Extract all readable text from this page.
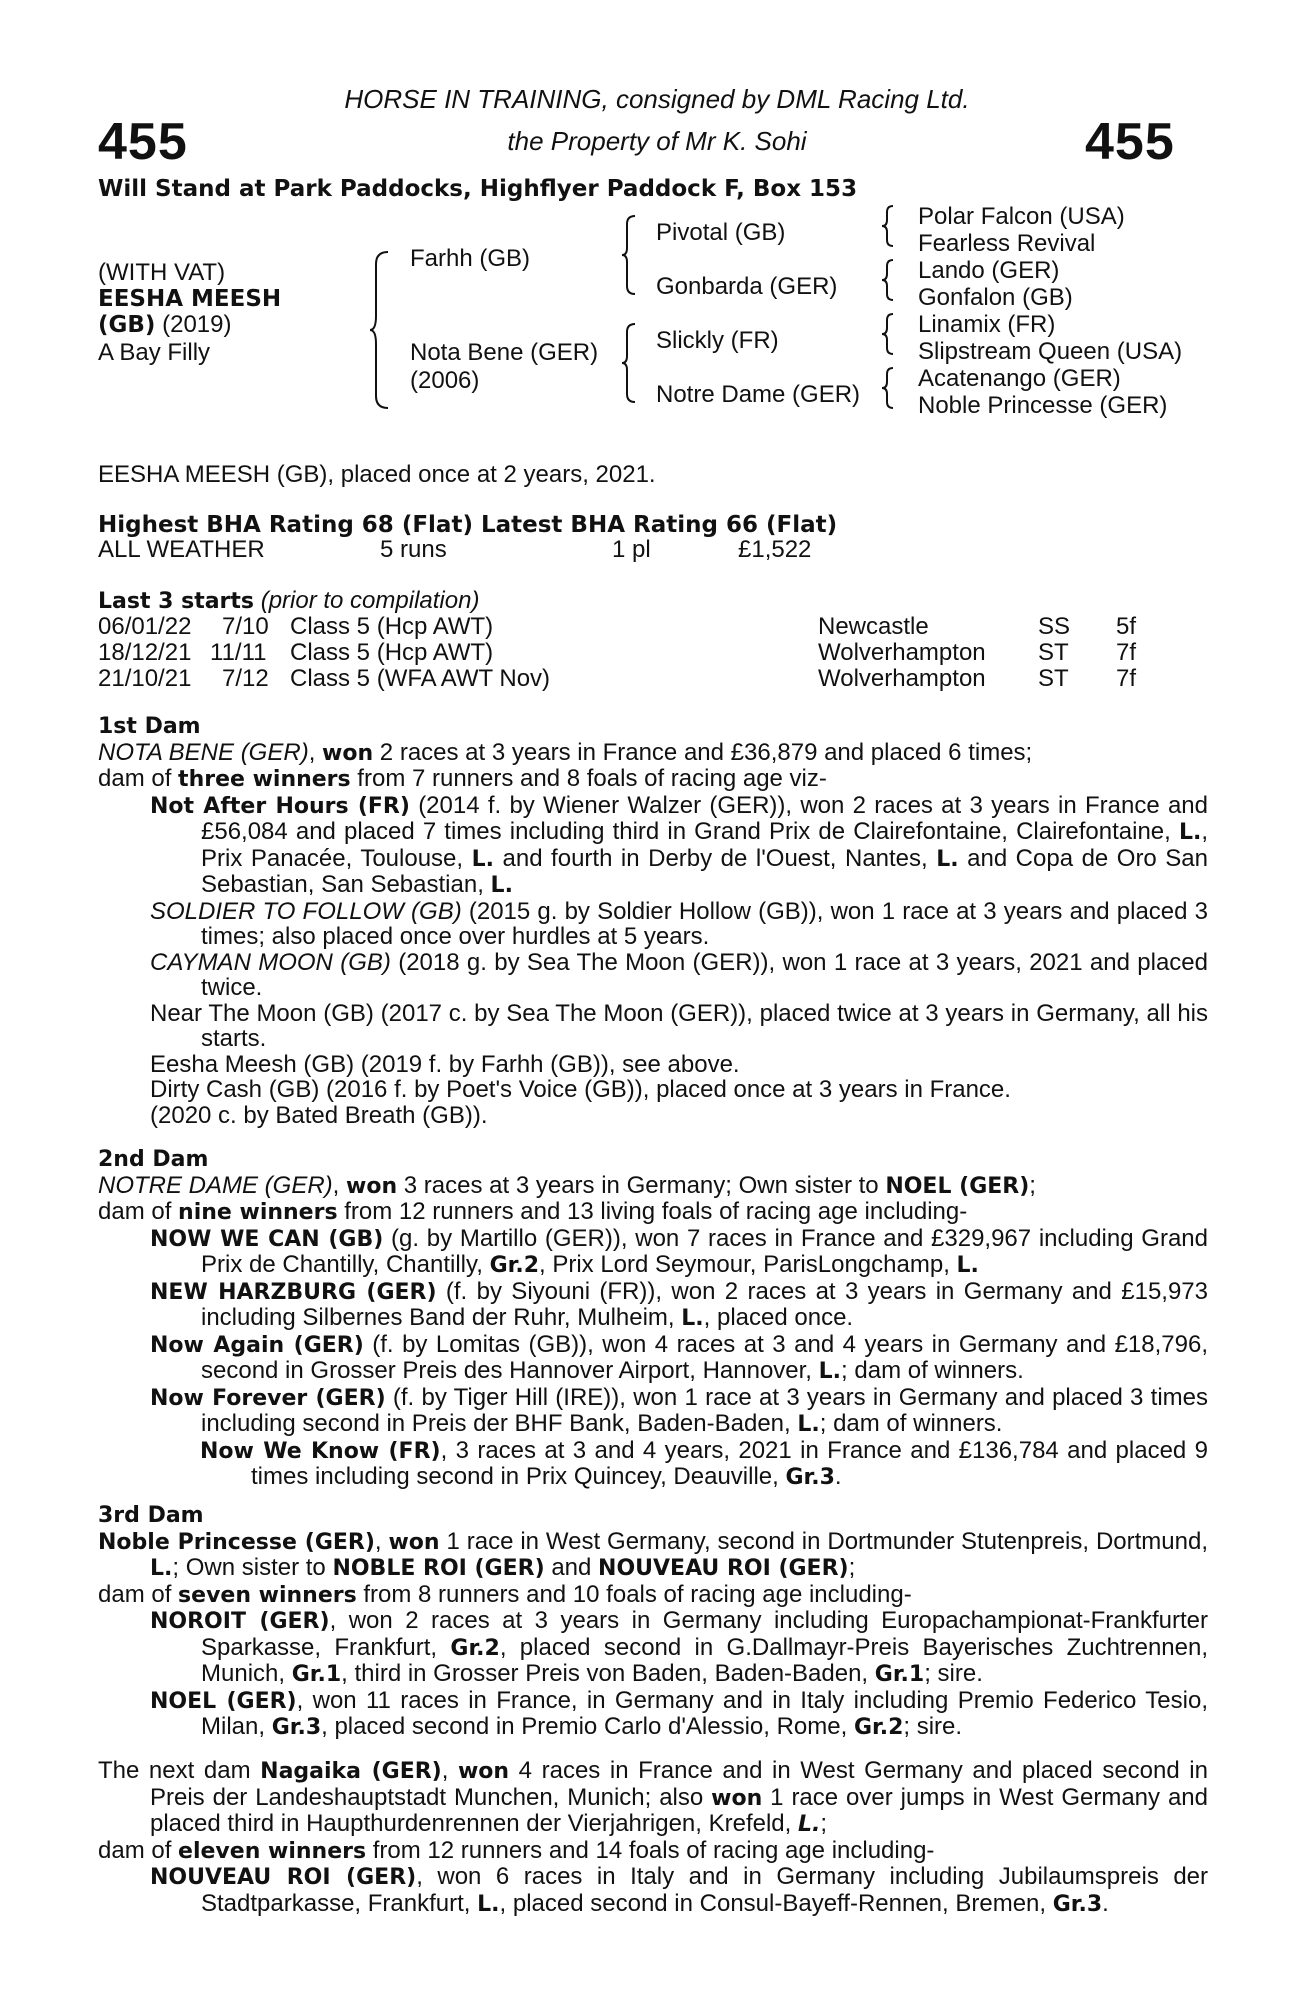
455	455
HORSE IN TRAINING, consigned by DML Racing Ltd.
the Property of Mr K. Sohi
Will Stand at Park Paddocks, Highflyer Paddock F, Box 153
(WITH VAT)
EESHA MEESH
(GB) (2019)
A Bay Filly
Farhh (GB)
Nota Bene (GER)
(2006)
Pivotal (GB)
Gonbarda (GER)
Slickly (FR)
Notre Dame (GER)
Polar Falcon (USA)
Fearless Revival
Lando (GER)
Gonfalon (GB)
Linamix (FR)
Slipstream Queen (USA)
Acatenango (GER)
Noble Princesse (GER)
EESHA MEESH (GB), placed once at 2 years, 2021.
Highest BHA Rating 68 (Flat) Latest BHA Rating 66 (Flat)
ALL WEATHER	5 runs	1 pl	£1,522
Last 3 starts (prior to compilation)
06/01/22 7/10 Class 5 (Hcp AWT)	Newcastle	SS 5f
18/12/21 11/11 Class 5 (Hcp AWT)	Wolverhampton ST 7f
21/10/21 7/12 Class 5 (WFA AWT Nov)	Wolverhampton ST 7f

1st Dam

NOTA BENE (GER), won 2 races at 3 years in France and £36,879 and placed 6 times;

dam of three winners from 7 runners and 8 foals of racing age viz-

Not After Hours (FR) (2014 f. by Wiener Walzer (GER)), won 2 races at 3 years in France and £56,084 and placed 7 times including third in Grand Prix de Clairefontaine, Clairefontaine, L., Prix Panacée, Toulouse, L. and fourth in Derby de l'Ouest, Nantes, L. and Copa de Oro San Sebastian, San Sebastian, L.

SOLDIER TO FOLLOW (GB) (2015 g. by Soldier Hollow (GB)), won 1 race at 3 years and placed 3 times; also placed once over hurdles at 5 years.

CAYMAN MOON (GB) (2018 g. by Sea The Moon (GER)), won 1 race at 3 years, 2021 and placed twice.

Near The Moon (GB) (2017 c. by Sea The Moon (GER)), placed twice at 3 years in Germany, all his starts.

Eesha Meesh (GB) (2019 f. by Farhh (GB)), see above.

Dirty Cash (GB) (2016 f. by Poet's Voice (GB)), placed once at 3 years in France.

(2020 c. by Bated Breath (GB)).

2nd Dam

NOTRE DAME (GER), won 3 races at 3 years in Germany; Own sister to NOEL (GER);

dam of nine winners from 12 runners and 13 living foals of racing age including-

NOW WE CAN (GB) (g. by Martillo (GER)), won 7 races in France and £329,967 including Grand Prix de Chantilly, Chantilly, Gr.2, Prix Lord Seymour, ParisLongchamp, L.

NEW HARZBURG (GER) (f. by Siyouni (FR)), won 2 races at 3 years in Germany and £15,973 including Silbernes Band der Ruhr, Mulheim, L., placed once.

Now Again (GER) (f. by Lomitas (GB)), won 4 races at 3 and 4 years in Germany and £18,796, second in Grosser Preis des Hannover Airport, Hannover, L.; dam of winners.

Now Forever (GER) (f. by Tiger Hill (IRE)), won 1 race at 3 years in Germany and placed 3 times including second in Preis der BHF Bank, Baden-Baden, L.; dam of winners.

Now We Know (FR), 3 races at 3 and 4 years, 2021 in France and £136,784 and placed 9 times including second in Prix Quincey, Deauville, Gr.3.

3rd Dam

Noble Princesse (GER), won 1 race in West Germany, second in Dortmunder Stutenpreis, Dortmund, L.; Own sister to NOBLE ROI (GER) and NOUVEAU ROI (GER);

dam of seven winners from 8 runners and 10 foals of racing age including-

NOROIT (GER), won 2 races at 3 years in Germany including Europachampionat-Frankfurter Sparkasse, Frankfurt, Gr.2, placed second in G.Dallmayr-Preis Bayerisches Zuchtrennen, Munich, Gr.1, third in Grosser Preis von Baden, Baden-Baden, Gr.1; sire.

NOEL (GER), won 11 races in France, in Germany and in Italy including Premio Federico Tesio, Milan, Gr.3, placed second in Premio Carlo d'Alessio, Rome, Gr.2; sire.

The next dam Nagaika (GER), won 4 races in France and in West Germany and placed second in Preis der Landeshauptstadt Munchen, Munich; also won 1 race over jumps in West Germany and placed third in Haupthurdenrennen der Vierjahrigen, Krefeld, L.;

dam of eleven winners from 12 runners and 14 foals of racing age including-

NOUVEAU ROI (GER), won 6 races in Italy and in Germany including Jubilaumspreis der Stadtparkasse, Frankfurt, L., placed second in Consul-Bayeff-Rennen, Bremen, Gr.3.
